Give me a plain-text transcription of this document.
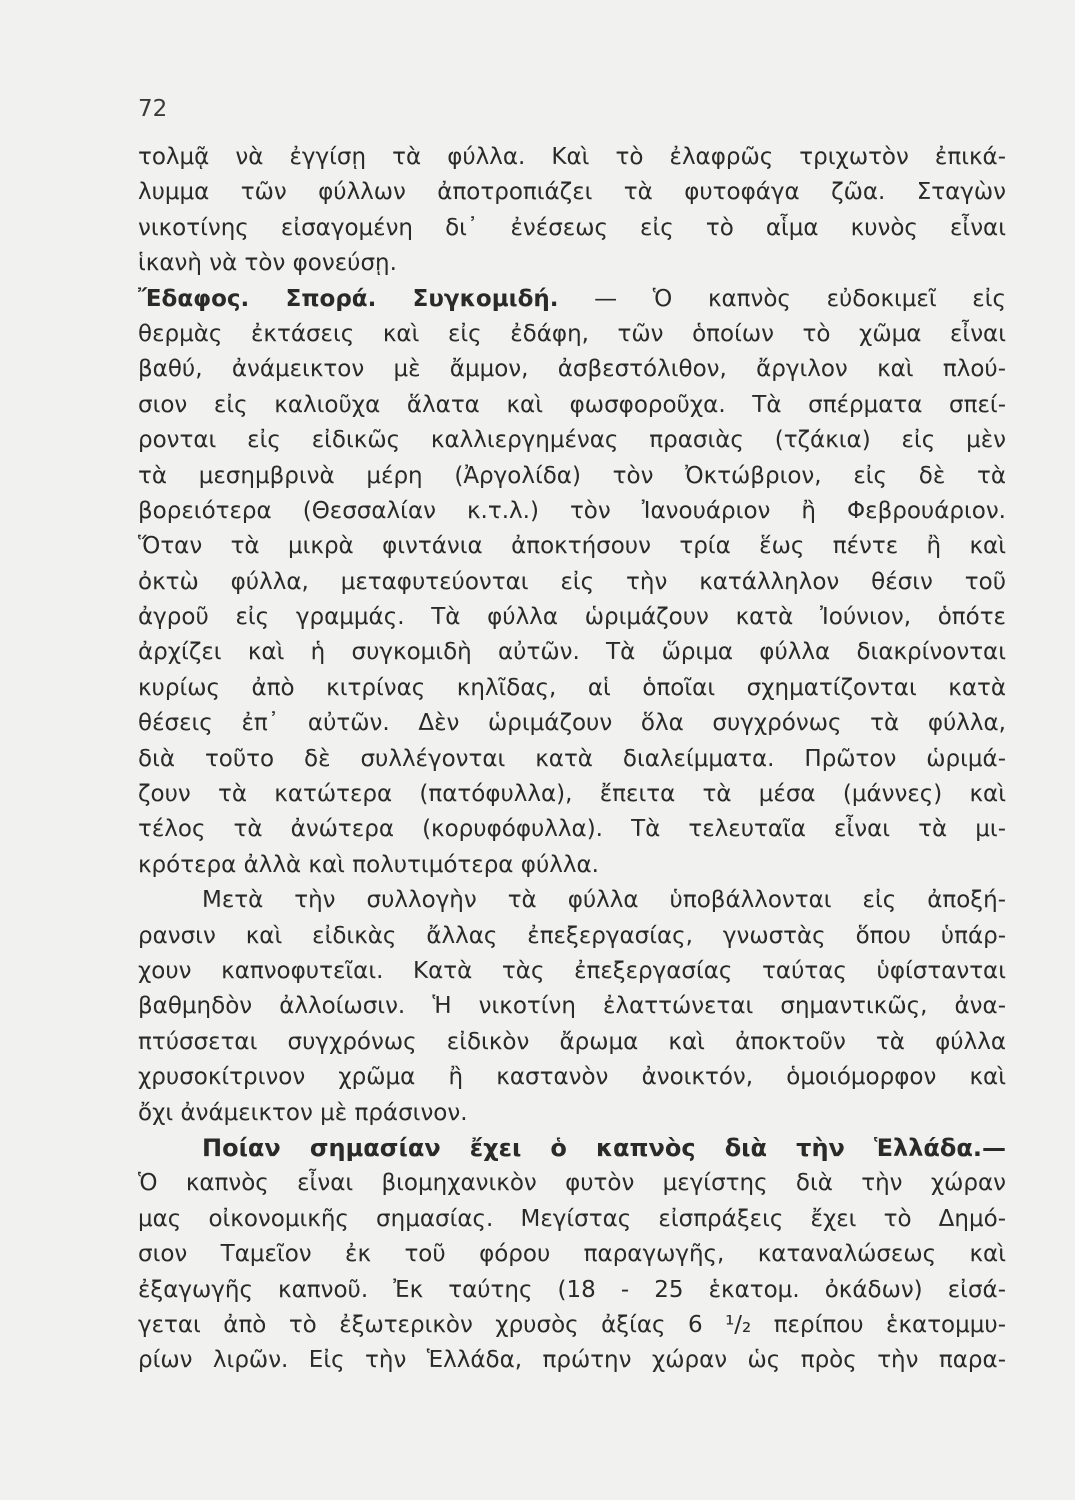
72
τολμᾷ νὰ ἐγγίσῃ τὰ φύλλα. Καὶ τὸ ἐλαφρῶς τριχωτὸν ἐπικά-
λυμμα τῶν φύλλων ἀποτροπιάζει τὰ φυτοφάγα ζῶα. Σταγὼν
νικοτίνης εἰσαγομένη δι᾽ ἐνέσεως εἰς τὸ αἷμα κυνὸς εἶναι
ἱκανὴ νὰ τὸν φονεύσῃ.
Ἔδαφος. Σπορά. Συγκομιδή. — Ὁ καπνὸς εὐδοκιμεῖ εἰς
θερμὰς ἐκτάσεις καὶ εἰς ἐδάφη, τῶν ὁποίων τὸ χῶμα εἶναι
βαθύ, ἀνάμεικτον μὲ ἄμμον, ἀσβεστόλιθον, ἄργιλον καὶ πλού-
σιον εἰς καλιοῦχα ἅλατα καὶ φωσφοροῦχα. Τὰ σπέρματα σπεί-
ρονται εἰς εἰδικῶς καλλιεργημένας πρασιὰς (τζάκια) εἰς μὲν
τὰ μεσημβρινὰ μέρη (Ἀργολίδα) τὸν Ὀκτώβριον, εἰς δὲ τὰ
βορειότερα (Θεσσαλίαν κ.τ.λ.) τὸν Ἰανουάριον ἢ Φεβρουάριον.
Ὅταν τὰ μικρὰ φιντάνια ἀποκτήσουν τρία ἕως πέντε ἢ καὶ
ὀκτὼ φύλλα, μεταφυτεύονται εἰς τὴν κατάλληλον θέσιν τοῦ
ἀγροῦ εἰς γραμμάς. Τὰ φύλλα ὡριμάζουν κατὰ Ἰούνιον, ὁπότε
ἀρχίζει καὶ ἡ συγκομιδὴ αὐτῶν. Τὰ ὥριμα φύλλα διακρίνονται
κυρίως ἀπὸ κιτρίνας κηλῖδας, αἱ ὁποῖαι σχηματίζονται κατὰ
θέσεις ἐπ᾽ αὐτῶν. Δὲν ὡριμάζουν ὅλα συγχρόνως τὰ φύλλα,
διὰ τοῦτο δὲ συλλέγονται κατὰ διαλείμματα. Πρῶτον ὡριμά-
ζουν τὰ κατώτερα (πατόφυλλα), ἔπειτα τὰ μέσα (μάννες) καὶ
τέλος τὰ ἀνώτερα (κορυφόφυλλα). Τὰ τελευταῖα εἶναι τὰ μι-
κρότερα ἀλλὰ καὶ πολυτιμότερα φύλλα.
Μετὰ τὴν συλλογὴν τὰ φύλλα ὑποβάλλονται εἰς ἀποξή-
ρανσιν καὶ εἰδικὰς ἄλλας ἐπεξεργασίας, γνωστὰς ὅπου ὑπάρ-
χουν καπνοφυτεῖαι. Κατὰ τὰς ἐπεξεργασίας ταύτας ὑφίστανται
βαθμηδὸν ἀλλοίωσιν. Ἡ νικοτίνη ἐλαττώνεται σημαντικῶς, ἀνα-
πτύσσεται συγχρόνως εἰδικὸν ἄρωμα καὶ ἀποκτοῦν τὰ φύλλα
χρυσοκίτρινον χρῶμα ἢ καστανὸν ἀνοικτόν, ὁμοιόμορφον καὶ
ὄχι ἀνάμεικτον μὲ πράσινον.
Ποίαν σημασίαν ἔχει ὁ καπνὸς διὰ τὴν Ἑλλάδα.—
Ὁ καπνὸς εἶναι βιομηχανικὸν φυτὸν μεγίστης διὰ τὴν χώραν
μας οἰκονομικῆς σημασίας. Μεγίστας εἰσπράξεις ἔχει τὸ Δημό-
σιον Ταμεῖον ἐκ τοῦ φόρου παραγωγῆς, καταναλώσεως καὶ
ἐξαγωγῆς καπνοῦ. Ἐκ ταύτης (18 - 25 ἑκατομ. ὀκάδων) εἰσά-
γεται ἀπὸ τὸ ἐξωτερικὸν χρυσὸς ἀξίας 6 ¹/₂ περίπου ἑκατομμυ-
ρίων λιρῶν. Εἰς τὴν Ἑλλάδα, πρώτην χώραν ὡς πρὸς τὴν παρα-
